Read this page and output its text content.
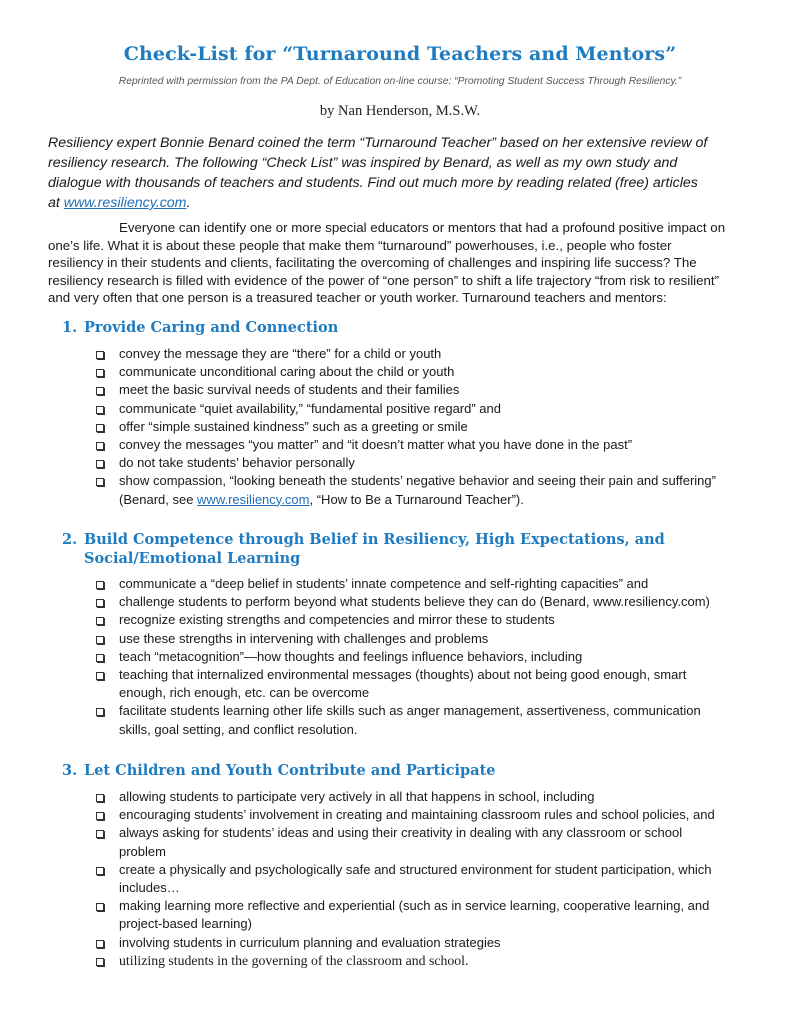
Check-List for “Turnaround Teachers and Mentors”
Reprinted with permission from the PA Dept. of Education on-line course: “Promoting Student Success Through Resiliency.”
by Nan Henderson, M.S.W.
Resiliency expert Bonnie Benard coined the term “Turnaround Teacher” based on her extensive review of
resiliency research. The following “Check List” was inspired by Benard, as well as my own study and
dialogue with thousands of teachers and students. Find out much more by reading related (free) articles
at www.resiliency.com.
Everyone can identify one or more special educators or mentors that had a profound positive impact on
one’s life. What it is about these people that make them “turnaround” powerhouses, i.e., people who foster
resiliency in their students and clients, facilitating the overcoming of challenges and inspiring life success? The
resiliency research is filled with evidence of the power of “one person” to shift a life trajectory “from risk to resilient”
and very often that one person is a treasured teacher or youth worker. Turnaround teachers and mentors:
1. Provide Caring and Connection
convey the message they are “there” for a child or youth
communicate unconditional caring about the child or youth
meet the basic survival needs of students and their families
communicate “quiet availability,” “fundamental positive regard” and
offer “simple sustained kindness” such as a greeting or smile
convey the messages “you matter” and “it doesn’t matter what you have done in the past”
do not take students’ behavior personally
show compassion, “looking beneath the students’ negative behavior and seeing their pain and suffering”
(Benard, see www.resiliency.com, “How to Be a Turnaround Teacher”).
2. Build Competence through Belief in Resiliency, High Expectations, and
Social/Emotional Learning
communicate a “deep belief in students’ innate competence and self-righting capacities” and
challenge students to perform beyond what students believe they can do (Benard, www.resiliency.com)
recognize existing strengths and competencies and mirror these to students
use these strengths in intervening with challenges and problems
teach “metacognition”—how thoughts and feelings influence behaviors, including
teaching that internalized environmental messages (thoughts) about not being good enough, smart
enough, rich enough, etc. can be overcome
facilitate students learning other life skills such as anger management, assertiveness, communication
skills, goal setting, and conflict resolution.
3. Let Children and Youth Contribute and Participate
allowing students to participate very actively in all that happens in school, including
encouraging students’ involvement in creating and maintaining classroom rules and school policies, and
always asking for students’ ideas and using their creativity in dealing with any classroom or school
problem
create a physically and psychologically safe and structured environment for student participation, which
includes…
making learning more reflective and experiential (such as in service learning, cooperative learning, and
project-based learning)
involving students in curriculum planning and evaluation strategies
utilizing students in the governing of the classroom and school.
